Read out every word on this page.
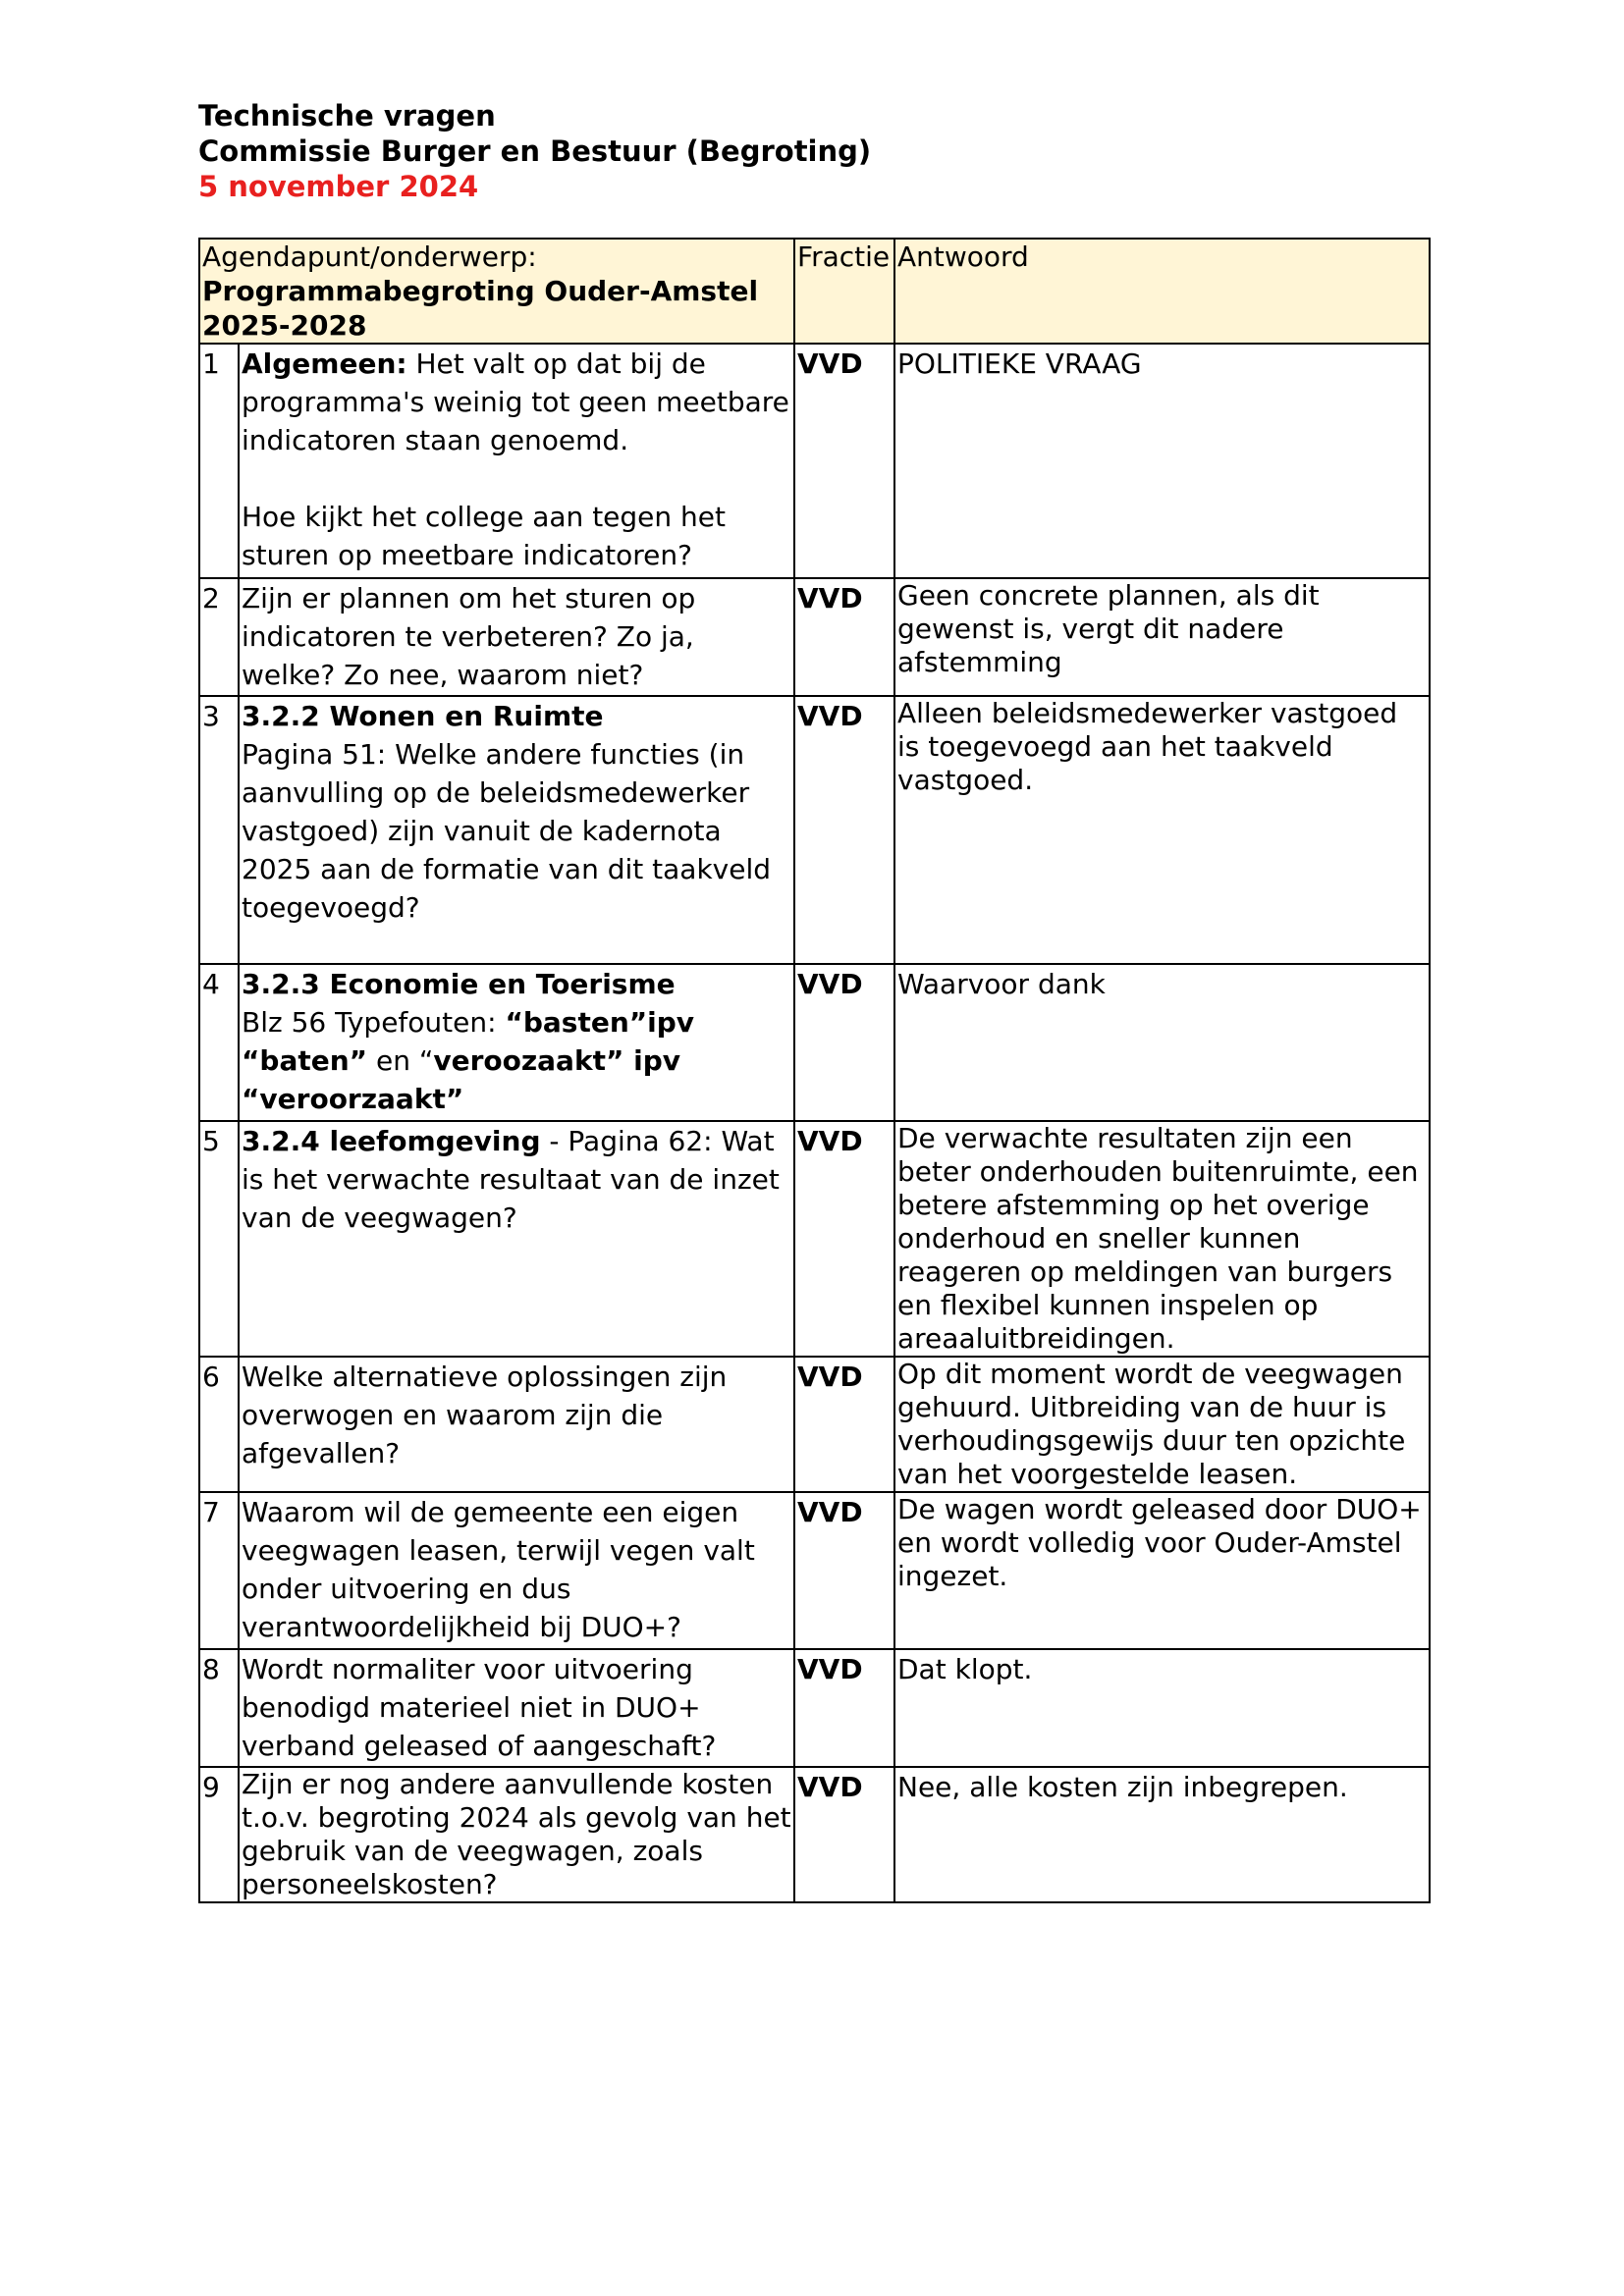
Technische vragen
Commissie Burger en Bestuur (Begroting)
5 november 2024
Agendapunt/onderwerp:
Programmabegroting Ouder-Amstel 2025-2028		Fractie	Antwoord
1	Algemeen: Het valt op dat bij de programma's weinig tot geen meetbare indicatoren staan genoemd.

Hoe kijkt het college aan tegen het sturen op meetbare indicatoren?	VVD	POLITIEKE VRAAG
2	Zijn er plannen om het sturen op indicatoren te verbeteren? Zo ja, welke? Zo nee, waarom niet?	VVD	Geen concrete plannen, als dit gewenst is, vergt dit nadere afstemming
3	3.2.2 Wonen en Ruimte
Pagina 51: Welke andere functies (in aanvulling op de beleidsmedewerker vastgoed) zijn vanuit de kadernota 2025 aan de formatie van dit taakveld toegevoegd?	VVD	Alleen beleidsmedewerker vastgoed is toegevoegd aan het taakveld vastgoed.
4	3.2.3 Economie en Toerisme
Blz 56 Typefouten: “basten”ipv “baten” en “veroozaakt” ipv “veroorzaakt”	VVD	Waarvoor dank
5	3.2.4 leefomgeving - Pagina 62: Wat is het verwachte resultaat van de inzet van de veegwagen?	VVD	De verwachte resultaten zijn een beter onderhouden buitenruimte, een betere afstemming op het overige onderhoud en sneller kunnen reageren op meldingen van burgers en flexibel kunnen inspelen op areaaluitbreidingen.
6	Welke alternatieve oplossingen zijn overwogen en waarom zijn die afgevallen?	VVD	Op dit moment wordt de veegwagen gehuurd. Uitbreiding van de huur is verhoudingsgewijs duur ten opzichte van het voorgestelde leasen.
7	Waarom wil de gemeente een eigen veegwagen leasen, terwijl vegen valt onder uitvoering en dus verantwoordelijkheid bij DUO+?	VVD	De wagen wordt geleased door DUO+ en wordt volledig voor Ouder-Amstel ingezet.
8	Wordt normaliter voor uitvoering benodigd materieel niet in DUO+ verband geleased of aangeschaft?	VVD	Dat klopt.
9	Zijn er nog andere aanvullende kosten t.o.v. begroting 2024 als gevolg van het gebruik van de veegwagen, zoals personeelskosten?	VVD	Nee, alle kosten zijn inbegrepen.
